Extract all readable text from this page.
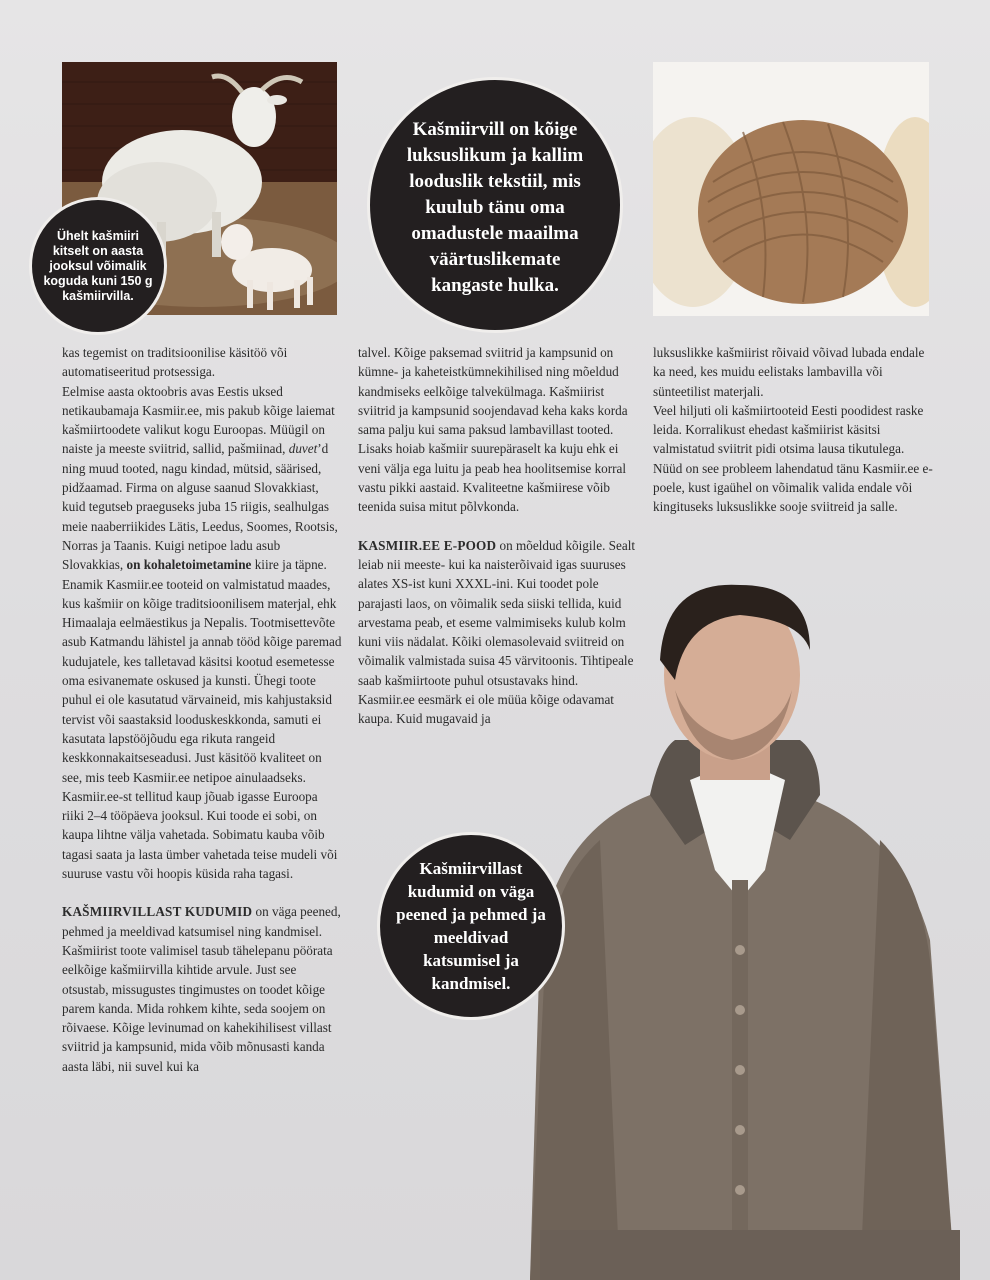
Ühelt kašmiiri kitselt on aasta jooksul võimalik koguda kuni 150 g kašmiirvilla.
Kašmiirvill on kõige luksuslikum ja kallim looduslik tekstiil, mis kuulub tänu oma omadustele maailma väärtuslikemate kangaste hulka.

kas tegemist on traditsioonilise käsitöö või automatiseeritud protsessiga.

Eelmise aasta oktoobris avas Eestis uksed netikaubamaja Kasmiir.ee, mis pakub kõige laiemat kašmiirtoodete valikut kogu Euroopas. Müügil on naiste ja meeste sviitrid, sallid, pašmiinad, duvet’d ning muud tooted, nagu kindad, mütsid, säärised, pidžaamad. Firma on alguse saanud Slovakkiast, kuid tegutseb praeguseks juba 15 riigis, sealhulgas meie naaberriikides Lätis, Leedus, Soomes, Rootsis, Norras ja Taanis. Kuigi netipoe ladu asub Slovakkias, on kohaletoimetamine kiire ja täpne. Enamik Kasmiir.ee tooteid on valmistatud maades, kus kašmiir on kõige traditsioonilisem materjal, ehk Himaalaja eelmäestikus ja Nepalis. Tootmisettevõte asub Katmandu lähistel ja annab tööd kõige paremad kudujatele, kes talletavad käsitsi kootud esemetesse oma esivanemate oskused ja kunsti. Ühegi toote puhul ei ole kasutatud värvaineid, mis kahjustaksid tervist või saastaksid looduskeskkonda, samuti ei kasutata lapstööjõudu ega rikuta rangeid keskkonnakaitseseadusi. Just käsitöö kvaliteet on see, mis teeb Kasmiir.ee netipoe ainulaadseks. Kasmiir.ee-st tellitud kaup jõuab igasse Euroopa riiki 2–4 tööpäeva jooksul. Kui toode ei sobi, on kaupa lihtne välja vahetada. Sobimatu kauba võib tagasi saata ja lasta ümber vahetada teise mudeli või suuruse vastu või hoopis küsida raha tagasi.

KAŠMIIRVILLAST KUDUMID on väga peened, pehmed ja meeldivad katsumisel ning kandmisel. Kašmiirist toote valimisel tasub tähelepanu pöörata eelkõige kašmiirvilla kihtide arvule. Just see otsustab, missugustes tingimustes on toodet kõige parem kanda. Mida rohkem kihte, seda soojem on rõivaese. Kõige levinumad on kahekihilisest villast sviitrid ja kampsunid, mida võib mõnusasti kanda aasta läbi, nii suvel kui ka

talvel. Kõige paksemad sviitrid ja kampsunid on kümne- ja kaheteistkümnekihilised ning mõeldud kandmiseks eelkõige talvekülmaga. Kašmiirist sviitrid ja kampsunid soojendavad keha kaks korda sama palju kui sama paksud lambavillast tooted. Lisaks hoiab kašmiir suurepäraselt ka kuju ehk ei veni välja ega luitu ja peab hea hoolitsemise korral vastu pikki aastaid. Kvaliteetne kašmiirese võib teenida suisa mitut põlvkonda.

KASMIIR.EE E-POOD on mõeldud kõigile. Sealt leiab nii meeste- kui ka naisterõivaid igas suuruses alates XS-ist kuni XXXL-ini. Kui toodet pole parajasti laos, on võimalik seda siiski tellida, kuid arvestama peab, et eseme valmimiseks kulub kolm kuni viis nädalat. Kõiki olemasolevaid sviitreid on võimalik valmistada suisa 45 värvitoonis. Tihtipeale saab kašmiirtoote puhul otsustavaks hind. Kasmiir.ee eesmärk ei ole müüa kõige odavamat kaupa. Kuid mugavaid ja

luksuslikke kašmiirist rõivaid võivad lubada endale ka need, kes muidu eelistaks lambavilla või sünteetilist materjali.

Veel hiljuti oli kašmiirtooteid Eesti poodidest raske leida. Korralikust ehedast kašmiirist käsitsi valmistatud sviitrit pidi otsima lausa tikutulega. Nüüd on see probleem lahendatud tänu Kasmiir.ee e-poele, kust igaühel on võimalik valida endale või kingituseks luksuslikke sooje sviitreid ja salle.

Kašmiirvillast kudumid on väga peened ja pehmed ja meeldivad katsumisel ja kandmisel.
